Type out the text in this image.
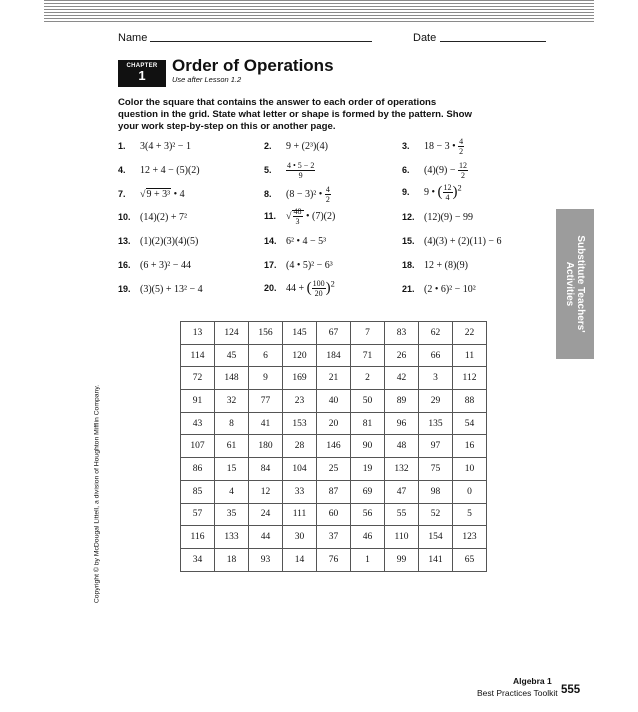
Name	Date
CHAPTER
1
Order of Operations
Use after Lesson 1.2
Color the square that contains the answer to each order of operations question in the grid. State what letter or shape is formed by the pattern. Show your work step-by-step on this or another page.
1. 3(4 + 3)² − 1
4. 12 + 4 − (5)(2)
7. √9 + 3³ • 4
10. (14)(2) + 7²
13. (1)(2)(3)(4)(5)
16. (6 + 3)² − 44
19. (3)(5) + 13² − 4
2. 9 + (2³)(4)
5. $\frac{4 • 5 - 2}{9}$
8. (8 − 3)² • $\frac{4}{2}$
11. √ $\frac{48}{3}$ • (7)(2)
14. 6² • 4 − 5³
17. (4 • 5)² − 6³
20. 44 + ( $\frac{100}{20} )^2$
3. 18 − 3 • $\frac{4}{2}$
6. $(4)(9) - \frac{12}{2}$
9. 9 • ( $\frac{12}{4} )^2$
12. (12)(9) − 99
15. (4)(3) + (2)(11) − 6
18. 12 + (8)(9)
21. (2 • 6)² − 10²	Substitute Teachers'
Activities
13	124	156	145	67	7	83	62	22
114	45	6	120	184	71	26	66	11
72	148	9	169	21	2	42	3	112
91	32	77	23	40	50	89	29	88
43	8	41	153	20	81	96	135	54
107	61	180	28	146	90	48	97	16
86	15	84	104	25	19	132	75	10
85	4	12	33	87	69	47	98	0
57	35	24	111	60	56	55	52	5
116	133	44	30	37	46	110	154	123
34	18	93	14	76	1	99	141	65
Copyright © by McDougal Littell, a division of Houghton Mifflin Company.
Algebra 1
Best Practices Toolkit 555
